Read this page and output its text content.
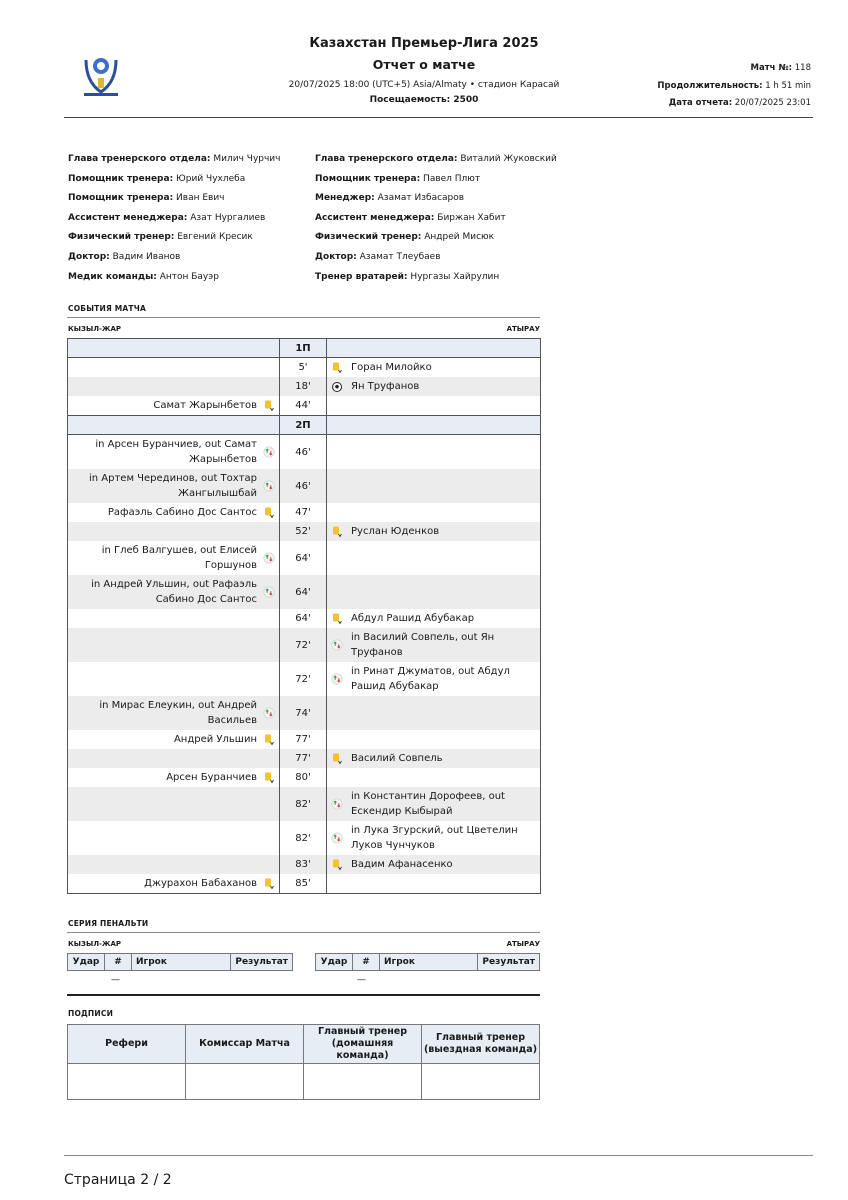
Казахстан Премьер-Лига 2025
Отчет о матче
20/07/2025 18:00 (UTC+5) Asia/Almaty • стадион Карасай
Посещаемость: 2500
Матч №: 118
Продолжительность: 1 h 51 min
Дата отчета: 20/07/2025 23:01
Глава тренерского отдела: Милич Чурчич
Помощник тренера: Юрий Чухлеба
Помощник тренера: Иван Евич
Ассистент менеджера: Азат Нургалиев
Физический тренер: Евгений Кресик
Доктор: Вадим Иванов
Медик команды: Антон Бауэр
Глава тренерского отдела: Виталий Жуковский
Помощник тренера: Павел Плют
Менеджер: Азамат Избасаров
Ассистент менеджера: Биржан Хабит
Физический тренер: Андрей Мисюк
Доктор: Азамат Тлеубаев
Тренер вратарей: Нургазы Хайрулин
СОБЫТИЯ МАТЧА
КЫЗЫЛ-ЖАР	АТЫРАУ
	1П	
	5'	Горан Милойко

	18'	Ян Труфанов

Самат Жарынбетов	44'	
	2П	

in Арсен Буранчиев, out Самат Жарынбетов	46'	

in Артем Черединов, out Тохтар Жангылышбай	46'	

Рафаэль Сабино Дос Сантос	47'	
	52'	Руслан Юденков

in Глеб Валгушев, out Елисей Горшунов	64'	

in Андрей Ульшин, out Рафаэль Сабино Дос Сантос	64'	
	64'	Абдул Рашид Абубакар

	72'	in Василий Совпель, out Ян Труфанов

	72'	in Ринат Джуматов, out Абдул Рашид Абубакар

in Мирас Елеукин, out Андрей Васильев	74'	

Андрей Ульшин	77'	
	77'	Василий Совпель

Арсен Буранчиев	80'	
	82'	in Константин Дорофеев, out Ескендир Кыбырай

	82'	in Лука Згурский, out Цветелин Луков Чунчуков

	83'	Вадим Афанасенко

Джурахон Бабаханов	85'	
СЕРИЯ ПЕНАЛЬТИ
КЫЗЫЛ-ЖАР	АТЫРАУ
Удар	#	Игрок	Результат
—
Удар	#	Игрок	Результат
—
ПОДПИСИ
Рефери	Комиссар Матча	Главный тренер (домашняя команда)	Главный тренер (выездная команда)

Страница 2 / 2
